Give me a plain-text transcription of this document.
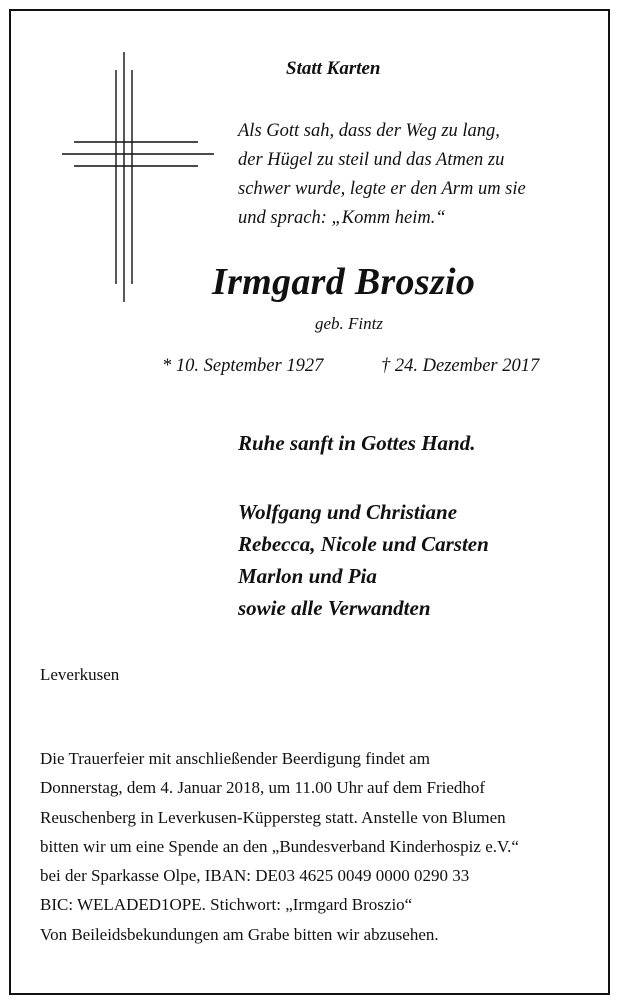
Statt Karten
Als Gott sah, dass der Weg zu lang,
der Hügel zu steil und das Atmen zu
schwer wurde, legte er den Arm um sie
und sprach: „Komm heim.“
Irmgard Broszio
geb. Fintz
* 10. September 1927	† 24. Dezember 2017
Ruhe sanft in Gottes Hand.
Wolfgang und Christiane
Rebecca, Nicole und Carsten
Marlon und Pia
sowie alle Verwandten
Leverkusen
Die Trauerfeier mit anschließender Beerdigung findet am
Donnerstag, dem 4. Januar 2018, um 11.00 Uhr auf dem Friedhof
Reuschenberg in Leverkusen-Küppersteg statt. Anstelle von Blumen
bitten wir um eine Spende an den „Bundesverband Kinderhospiz e.V.“
bei der Sparkasse Olpe, IBAN: DE03 4625 0049 0000 0290 33
BIC: WELADED1OPE. Stichwort: „Irmgard Broszio“
Von Beileidsbekundungen am Grabe bitten wir abzusehen.
